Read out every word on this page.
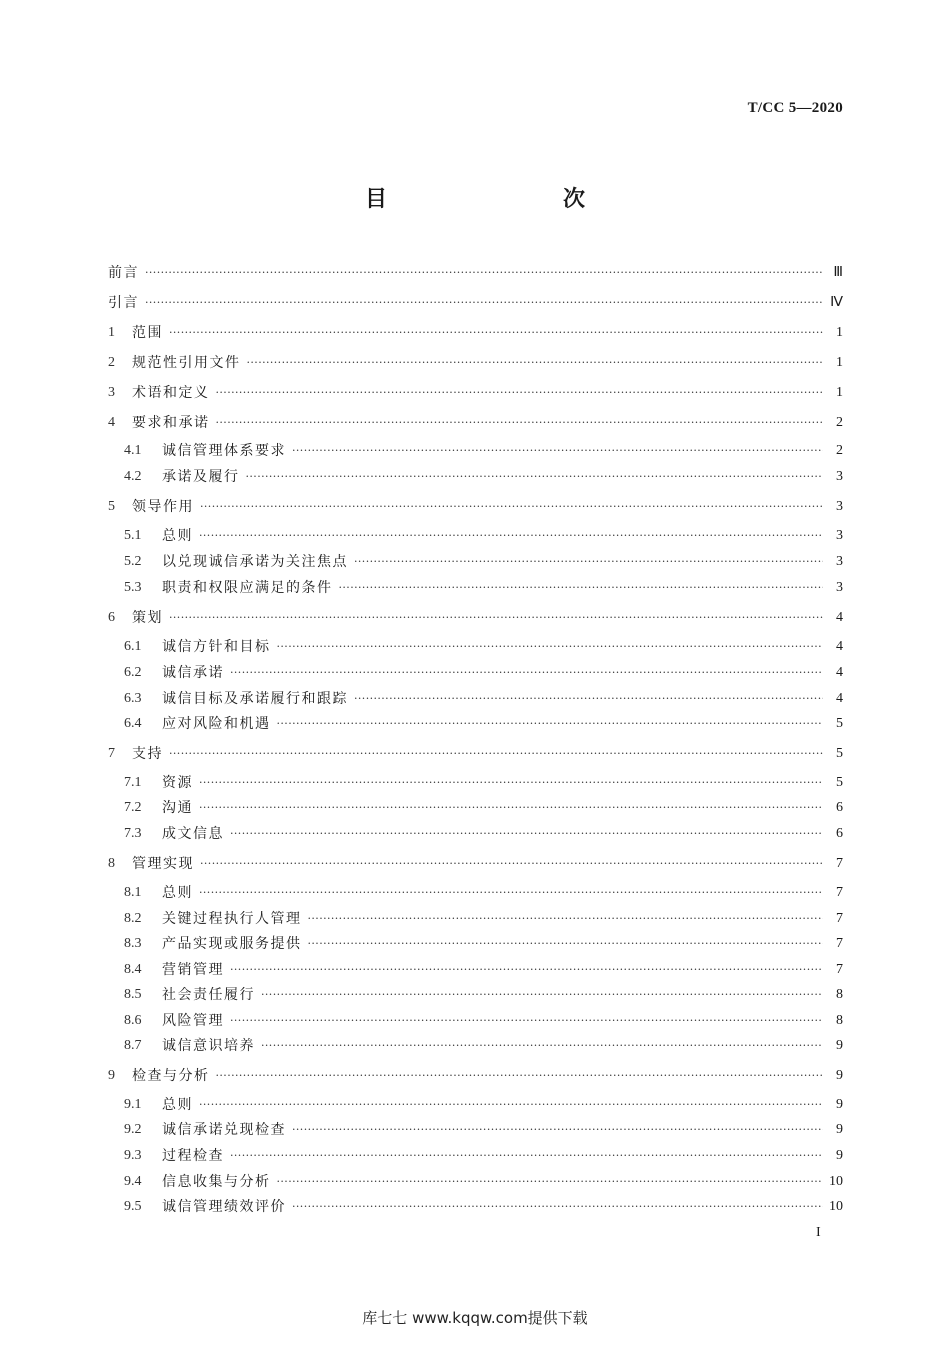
T/CC 5—2020
目　　次
前言 ·····	Ⅲ
引言 ·····	Ⅳ
1	范围 ·····	1
2	规范性引用文件 ·····	1
3	术语和定义 ·····	1
4	要求和承诺 ·····	2
4.1	诚信管理体系要求 ·····	2
4.2	承诺及履行 ·····	3
5	领导作用 ·····	3
5.1	总则 ·····	3
5.2	以兑现诚信承诺为关注焦点 ·····	3
5.3	职责和权限应满足的条件 ·····	3
6	策划 ·····	4
6.1	诚信方针和目标 ·····	4
6.2	诚信承诺 ·····	4
6.3	诚信目标及承诺履行和跟踪 ·····	4
6.4	应对风险和机遇 ·····	5
7	支持 ·····	5
7.1	资源 ·····	5
7.2	沟通 ·····	6
7.3	成文信息 ·····	6
8	管理实现 ·····	7
8.1	总则 ·····	7
8.2	关键过程执行人管理 ·····	7
8.3	产品实现或服务提供 ·····	7
8.4	营销管理 ·····	7
8.5	社会责任履行 ·····	8
8.6	风险管理 ·····	8
8.7	诚信意识培养 ·····	9
9	检查与分析 ·····	9
9.1	总则 ·····	9
9.2	诚信承诺兑现检查 ·····	9
9.3	过程检查 ·····	9
9.4	信息收集与分析 ·····	10
9.5	诚信管理绩效评价 ·····	10
I
库七七 www.kqqw.com提供下载
